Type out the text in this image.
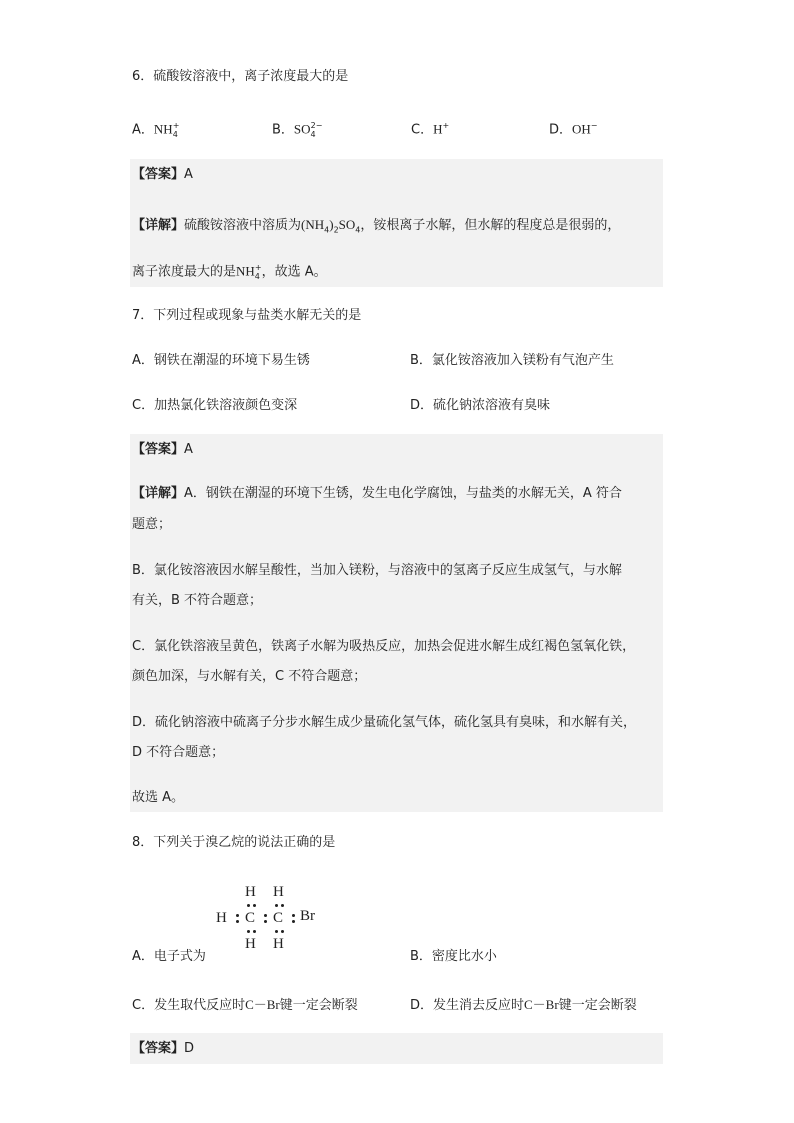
6．硫酸铵溶液中，离子浓度最大的是
A．$NH_4^+$	B．$SO_4^{2-}$	C．H+	D．OH−
【答案】A
【详解】硫酸铵溶液中溶质为$(NH_4)_2SO_4$，铵根离子水解，但水解的程度总是很弱的，
离子浓度最大的是$NH_4^+$，故选 A。
7．下列过程或现象与盐类水解无关的是
A．钢铁在潮湿的环境下易生锈	B．氯化铵溶液加入镁粉有气泡产生
C．加热氯化铁溶液颜色变深	D．硫化钠浓溶液有臭味
【答案】A
【详解】A．钢铁在潮湿的环境下生锈，发生电化学腐蚀，与盐类的水解无关，A 符合
题意；
B．氯化铵溶液因水解呈酸性，当加入镁粉，与溶液中的氢离子反应生成氢气，与水解
有关，B 不符合题意；
C．氯化铁溶液呈黄色，铁离子水解为吸热反应，加热会促进水解生成红褐色氢氧化铁，
颜色加深，与水解有关，C 不符合题意；
D．硫化钠溶液中硫离子分步水解生成少量硫化氢气体，硫化氢具有臭味，和水解有关，
D 不符合题意；
故选 A。
8．下列关于溴乙烷的说法正确的是
H H
H C C Br
H H
A．电子式为	B．密度比水小
C．发生取代反应时C－Br键一定会断裂	D．发生消去反应时C－Br键一定会断裂
【答案】D
